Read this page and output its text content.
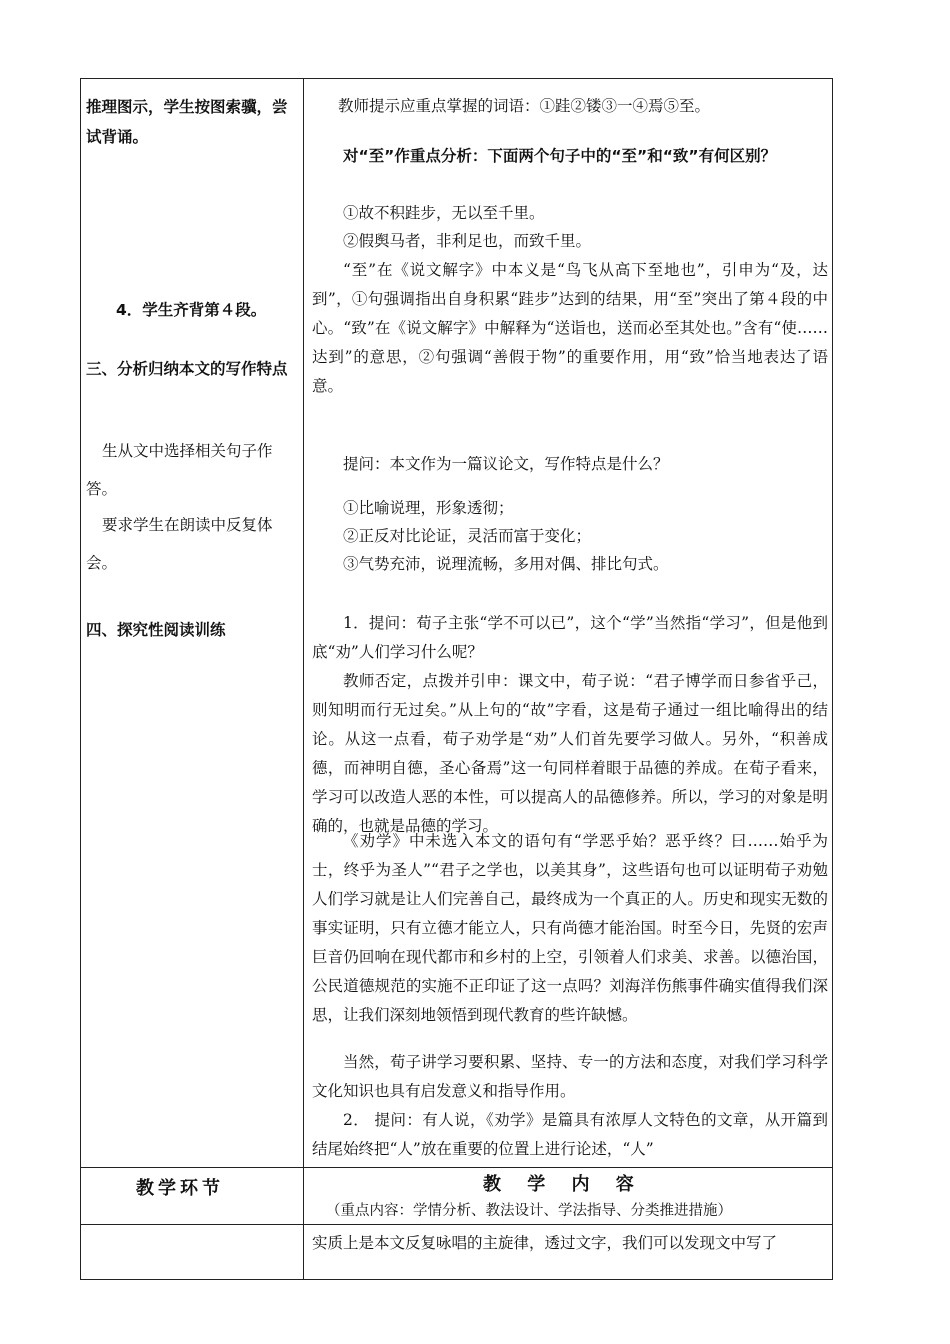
推理图示，学生按图索骥，尝试背诵。
4．学生齐背第４段。
三、分析归纳本文的写作特点
生从文中选择相关句子作答。
要求学生在朗读中反复体会。
四、探究性阅读训练
教师提示应重点掌握的词语：①跬②镂③一④焉⑤至。
对“至”作重点分析：下面两个句子中的“至”和“致”有何区别？
①故不积跬步，无以至千里。
②假舆马者，非利足也，而致千里。
“至”在《说文解字》中本义是“鸟飞从高下至地也”，引申为“及，达到”，①句强调指出自身积累“跬步”达到的结果，用“至”突出了第４段的中心。“致”在《说文解字》中解释为“送诣也，送而必至其处也。”含有“使……达到”的意思，②句强调“善假于物”的重要作用，用“致”恰当地表达了语意。
提问：本文作为一篇议论文，写作特点是什么？
①比喻说理，形象透彻；
②正反对比论证，灵活而富于变化；
③气势充沛，说理流畅，多用对偶、排比句式。
1．提问：荀子主张“学不可以已”，这个“学”当然指“学习”，但是他到底“劝”人们学习什么呢？
教师否定，点拨并引申：课文中，荀子说：“君子博学而日参省乎己，则知明而行无过矣。”从上句的“故”字看，这是荀子通过一组比喻得出的结论。从这一点看，荀子劝学是“劝”人们首先要学习做人。另外，“积善成德，而神明自德，圣心备焉”这一句同样着眼于品德的养成。在荀子看来，学习可以改造人恶的本性，可以提高人的品德修养。所以，学习的对象是明确的，也就是品德的学习。
《劝学》中未选入本文的语句有“学恶乎始？恶乎终？曰……始乎为士，终乎为圣人”“君子之学也，以美其身”，这些语句也可以证明荀子劝勉人们学习就是让人们完善自己，最终成为一个真正的人。历史和现实无数的事实证明，只有立德才能立人，只有尚德才能治国。时至今日，先贤的宏声巨音仍回响在现代都市和乡村的上空，引领着人们求美、求善。以德治国，公民道德规范的实施不正印证了这一点吗？刘海洋伤熊事件确实值得我们深思，让我们深刻地领悟到现代教育的些许缺憾。
当然，荀子讲学习要积累、坚持、专一的方法和态度，对我们学习科学文化知识也具有启发意义和指导作用。
2． 提问：有人说，《劝学》是篇具有浓厚人文特色的文章，从开篇到结尾始终把“人”放在重要的位置上进行论述，“人”
教学环节	教 学 内 容
（重点内容：学情分析、教法设计、学法指导、分类推进措施）
实质上是本文反复咏唱的主旋律，透过文字，我们可以发现文中写了
